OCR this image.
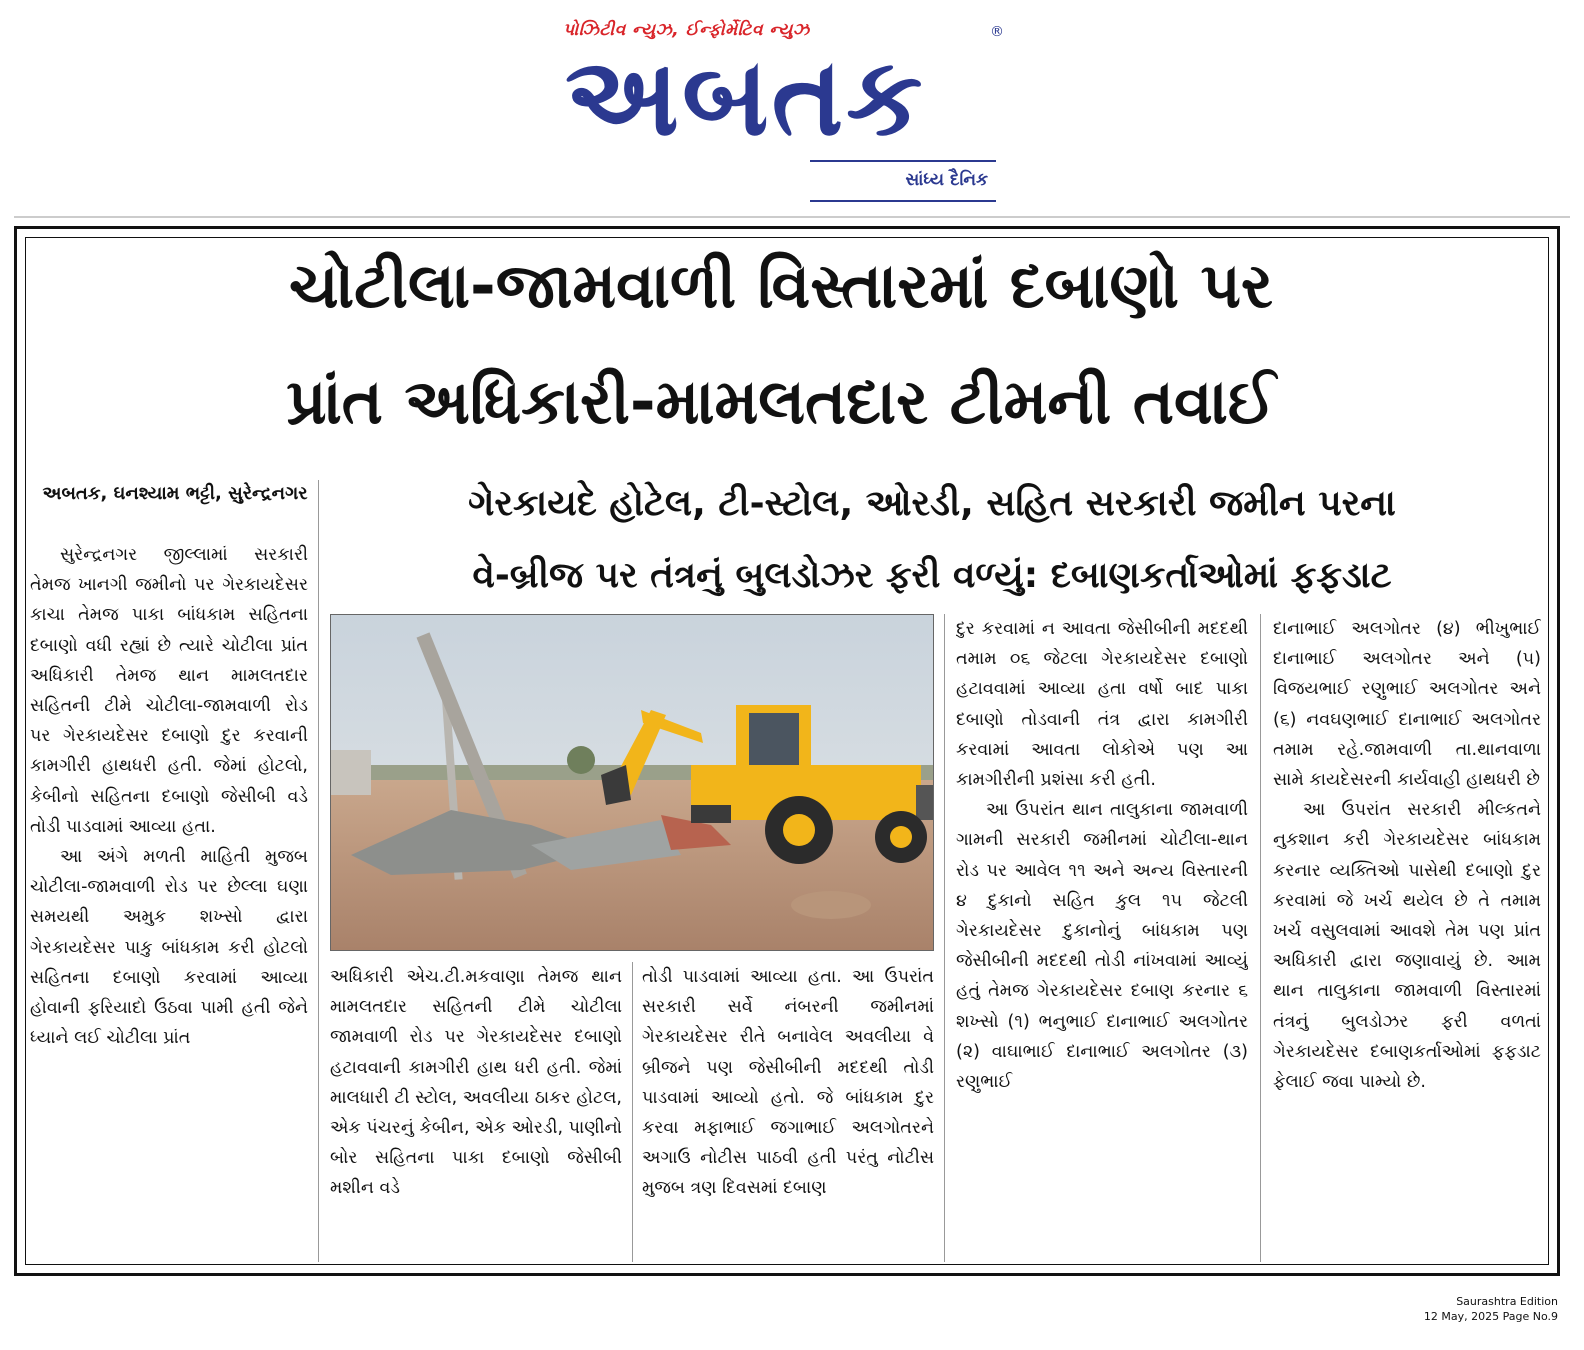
પોઝિટીવ ન્યુઝ, ઈન્ફોર્મેટિવ ન્યુઝ
અબતક
®
સાંધ્ય દૈનિક
ચોટીલા-જામવાળી વિસ્તારમાં દબાણો પર
પ્રાંત અધિકારી-મામલતદાર ટીમની તવાઈ
અબતક, ઘનશ્યામ ભટ્ટી, સુરેન્દ્રનગર	ગેરકાયદે હોટેલ, ટી-સ્ટોલ, ઓરડી, સહિત સરકારી જમીન પરના
વે-બ્રીજ પર તંત્રનું બુલડોઝર ફરી વળ્યું: દબાણકર્તાઓમાં ફફડાટ

સુરેન્દ્રનગર જીલ્લામાં સરકારી તેમજ ખાનગી જમીનો પર ગેરકાયદેસર કાચા તેમજ પાકા બાંધકામ સહિતના દબાણો વધી રહ્યાં છે ત્યારે ચોટીલા પ્રાંત અધિકારી તેમજ થાન મામલતદાર સહિતની ટીમે ચોટીલા-જામવાળી રોડ પર ગેરકાયદેસર દબાણો દુર કરવાની કામગીરી હાથધરી હતી. જેમાં હોટલો, કેબીનો સહિતના દબાણો જેસીબી વડે તોડી પાડવામાં આવ્યા હતા.

આ અંગે મળતી માહિતી મુજબ ચોટીલા-જામવાળી રોડ પર છેલ્લા ઘણા સમયથી અમુક શખ્સો દ્વારા ગેરકાયદેસર પાકુ બાંધકામ કરી હોટલો સહિતના દબાણો કરવામાં આવ્યા હોવાની ફરિયાદો ઉઠવા પામી હતી જેને ધ્યાને લઈ ચોટીલા પ્રાંત

અધિકારી એચ.ટી.મકવાણા તેમજ થાન મામલતદાર સહિતની ટીમે ચોટીલા જામવાળી રોડ પર ગેરકાયદેસર દબાણો હટાવવાની કામગીરી હાથ ધરી હતી. જેમાં માલધારી ટી સ્ટોલ, અવલીયા ઠાકર હોટલ, એક પંચરનું કેબીન, એક ઓરડી, પાણીનો બોર સહિતના પાકા દબાણો જેસીબી મશીન વડે

તોડી પાડવામાં આવ્યા હતા. આ ઉપરાંત સરકારી સર્વે નંબરની જમીનમાં ગેરકાયદેસર રીતે બનાવેલ અવલીયા વે બ્રીજને પણ જેસીબીની મદદથી તોડી પાડવામાં આવ્યો હતો. જે બાંધકામ દુર કરવા મફાભાઈ જગાભાઈ અલગોતરને અગાઉ નોટીસ પાઠવી હતી પરંતુ નોટીસ મુજબ ત્રણ દિવસમાં દબાણ

દુર કરવામાં ન આવતા જેસીબીની મદદથી તમામ ૦૬ જેટલા ગેરકાયદેસર દબાણો હટાવવામાં આવ્યા હતા વર્ષો બાદ પાકા દબાણો તોડવાની તંત્ર દ્વારા કામગીરી કરવામાં આવતા લોકોએ પણ આ કામગીરીની પ્રશંસા કરી હતી.

આ ઉપરાંત થાન તાલુકાના જામવાળી ગામની સરકારી જમીનમાં ચોટીલા-થાન રોડ પર આવેલ ૧૧ અને અન્ય વિસ્તારની ૪ દુકાનો સહિત કુલ ૧૫ જેટલી ગેરકાયદેસર દુકાનોનું બાંધકામ પણ જેસીબીની મદદથી તોડી નાંખવામાં આવ્યું હતું તેમજ ગેરકાયદેસર દબાણ કરનાર ૬ શખ્સો (૧) ભનુભાઈ દાનાભાઈ અલગોતર (૨) વાઘાભાઈ દાનાભાઈ અલગોતર (૩) રણુભાઈ

દાનાભાઈ અલગોતર (૪) ભીખુભાઈ દાનાભાઈ અલગોતર અને (૫) વિજયભાઈ રણુભાઈ અલગોતર અને (૬) નવઘણભાઈ દાનાભાઈ અલગોતર તમામ રહે.જામવાળી તા.થાનવાળા સામે કાયદેસરની કાર્યવાહી હાથધરી છે

આ ઉપરાંત સરકારી મીલ્કતને નુકશાન કરી ગેરકાયદેસર બાંધકામ કરનાર વ્યક્તિઓ પાસેથી દબાણો દુર કરવામાં જે ખર્ચ થયેલ છે તે તમામ ખર્ચ વસુલવામાં આવશે તેમ પણ પ્રાંત અધિકારી દ્વારા જણાવાયું છે. આમ થાન તાલુકાના જામવાળી વિસ્તારમાં તંત્રનું બુલડોઝર ફરી વળતાં ગેરકાયદેસર દબાણકર્તાઓમાં ફફડાટ ફેલાઈ જવા પામ્યો છે.

Saurashtra Edition
12 May, 2025 Page No.9
